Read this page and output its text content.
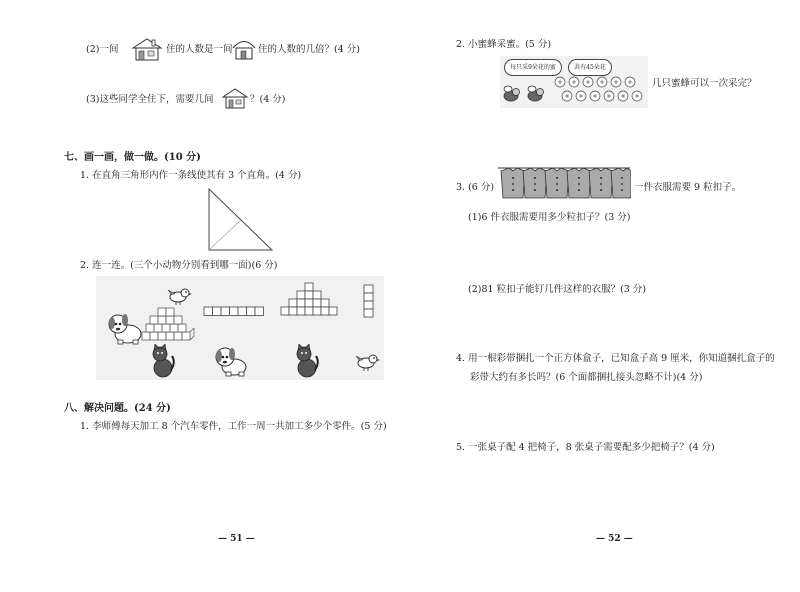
(2)一间	住的人数是一间	住的人数的几倍？(4 分)
(3)这些同学全住下，需要几间	？(4 分)
七、画一画，做一做。(10 分)
1. 在直角三角形内作一条线使其有 3 个直角。(4 分)
2. 连一连。(三个小动物分别看到哪一面)(6 分)
八、解决问题。(24 分)
1. 李师傅每天加工 8 个汽车零件，工作一周一共加工多少个零件。(5 分)
— 51 —
2. 小蜜蜂采蜜。(5 分)
每只采9朵花的蜜	共有45朵花
几只蜜蜂可以一次采完？
3. (6 分)	一件衣服需要 9 粒扣子。
(1)6 件衣服需要用多少粒扣子？(3 分)
(2)81 粒扣子能钉几件这样的衣服？(3 分)
4. 用一根彩带捆扎一个正方体盒子，已知盒子高 9 厘米，你知道捆扎盒子的
彩带大约有多长吗？(6 个面都捆扎接头忽略不计)(4 分)
5. 一张桌子配 4 把椅子，8 张桌子需要配多少把椅子？(4 分)
— 52 —
